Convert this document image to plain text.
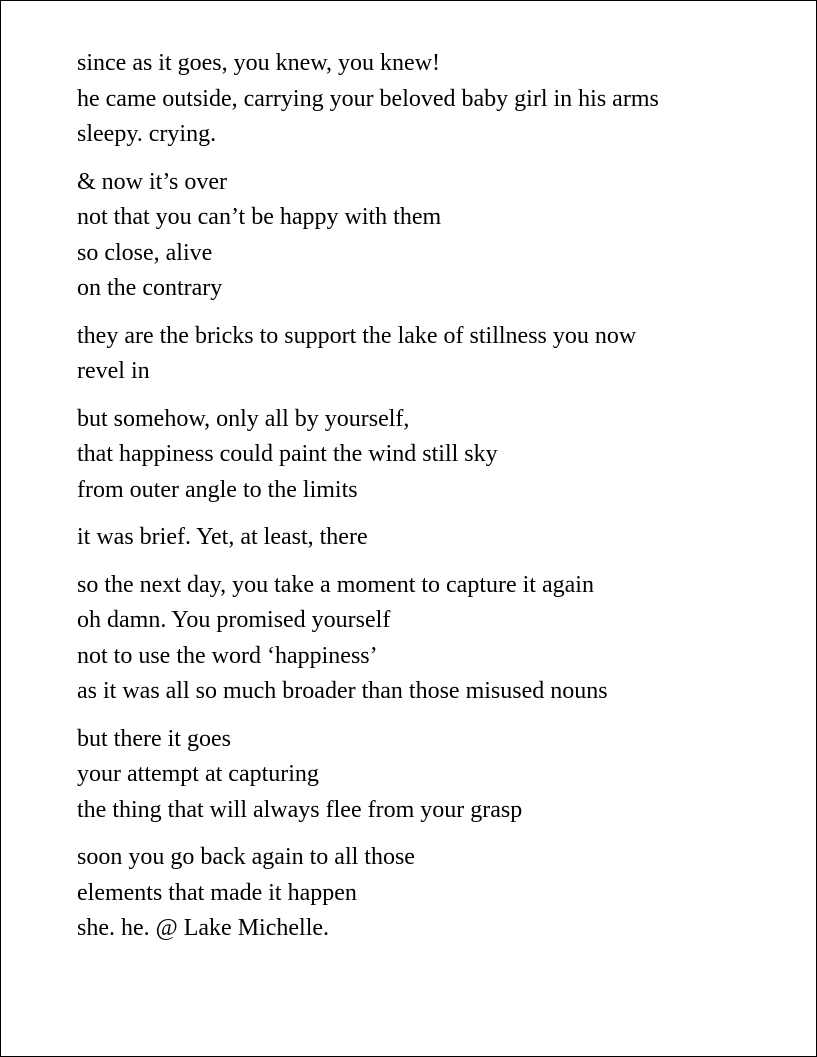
since as it goes, you knew, you knew!
he came outside, carrying your beloved baby girl in his arms
sleepy. crying.
& now it’s over
not that you can’t be happy with them
so close, alive
on the contrary
they are the bricks to support the lake of stillness you now
revel in
but somehow, only all by yourself,
that happiness could paint the wind still sky
from outer angle to the limits
it was brief. Yet, at least, there
so the next day, you take a moment to capture it again
oh damn. You promised yourself
not to use the word ‘happiness’
as it was all so much broader than those misused nouns
but there it goes
your attempt at capturing
the thing that will always flee from your grasp
soon you go back again to all those
elements that made it happen
she. he. @ Lake Michelle.
